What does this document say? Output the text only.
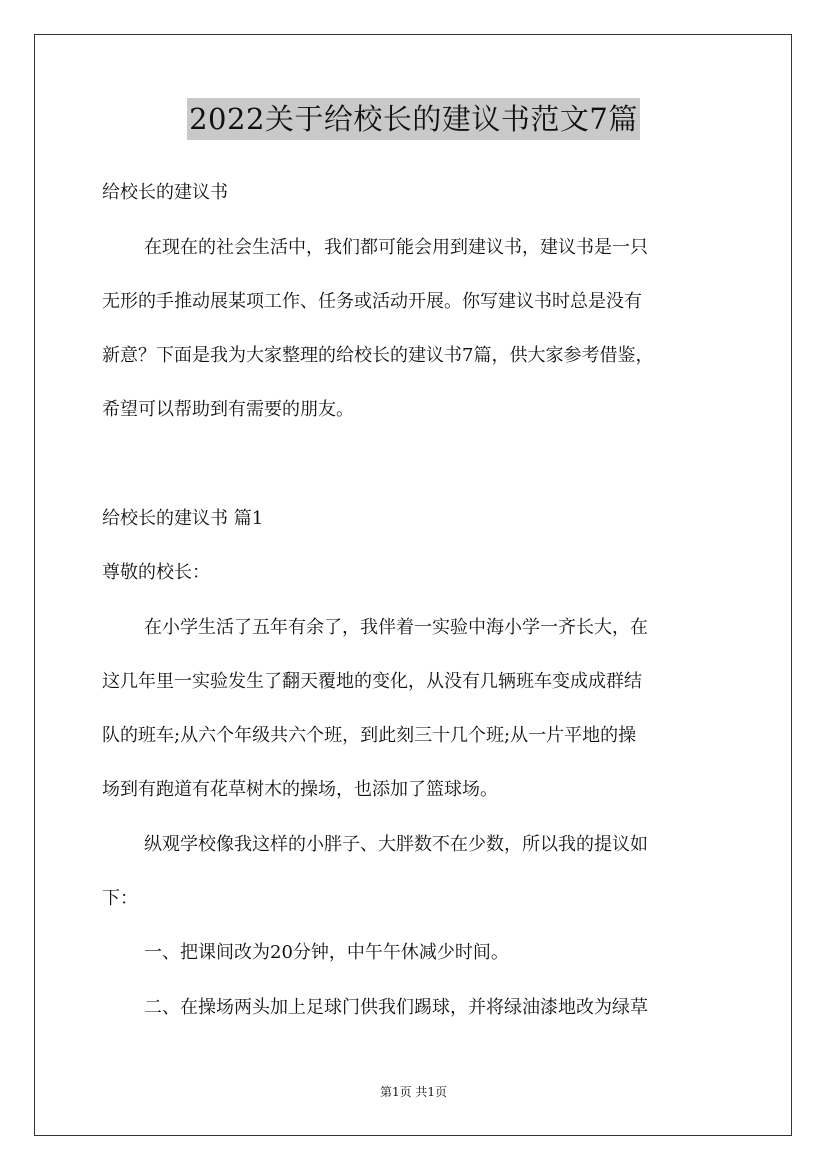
2022关于给校长的建议书范文7篇
给校长的建议书
在现在的社会生活中，我们都可能会用到建议书，建议书是一只
无形的手推动展某项工作、任务或活动开展。你写建议书时总是没有
新意？下面是我为大家整理的给校长的建议书7篇，供大家参考借鉴，
希望可以帮助到有需要的朋友。
给校长的建议书 篇1
尊敬的校长：
在小学生活了五年有余了，我伴着一实验中海小学一齐长大，在
这几年里一实验发生了翻天覆地的变化，从没有几辆班车变成成群结
队的班车;从六个年级共六个班，到此刻三十几个班;从一片平地的操
场到有跑道有花草树木的操场，也添加了篮球场。
纵观学校像我这样的小胖子、大胖数不在少数，所以我的提议如
下：
一、把课间改为20分钟，中午午休减少时间。
二、在操场两头加上足球门供我们踢球，并将绿油漆地改为绿草
第1页 共1页
